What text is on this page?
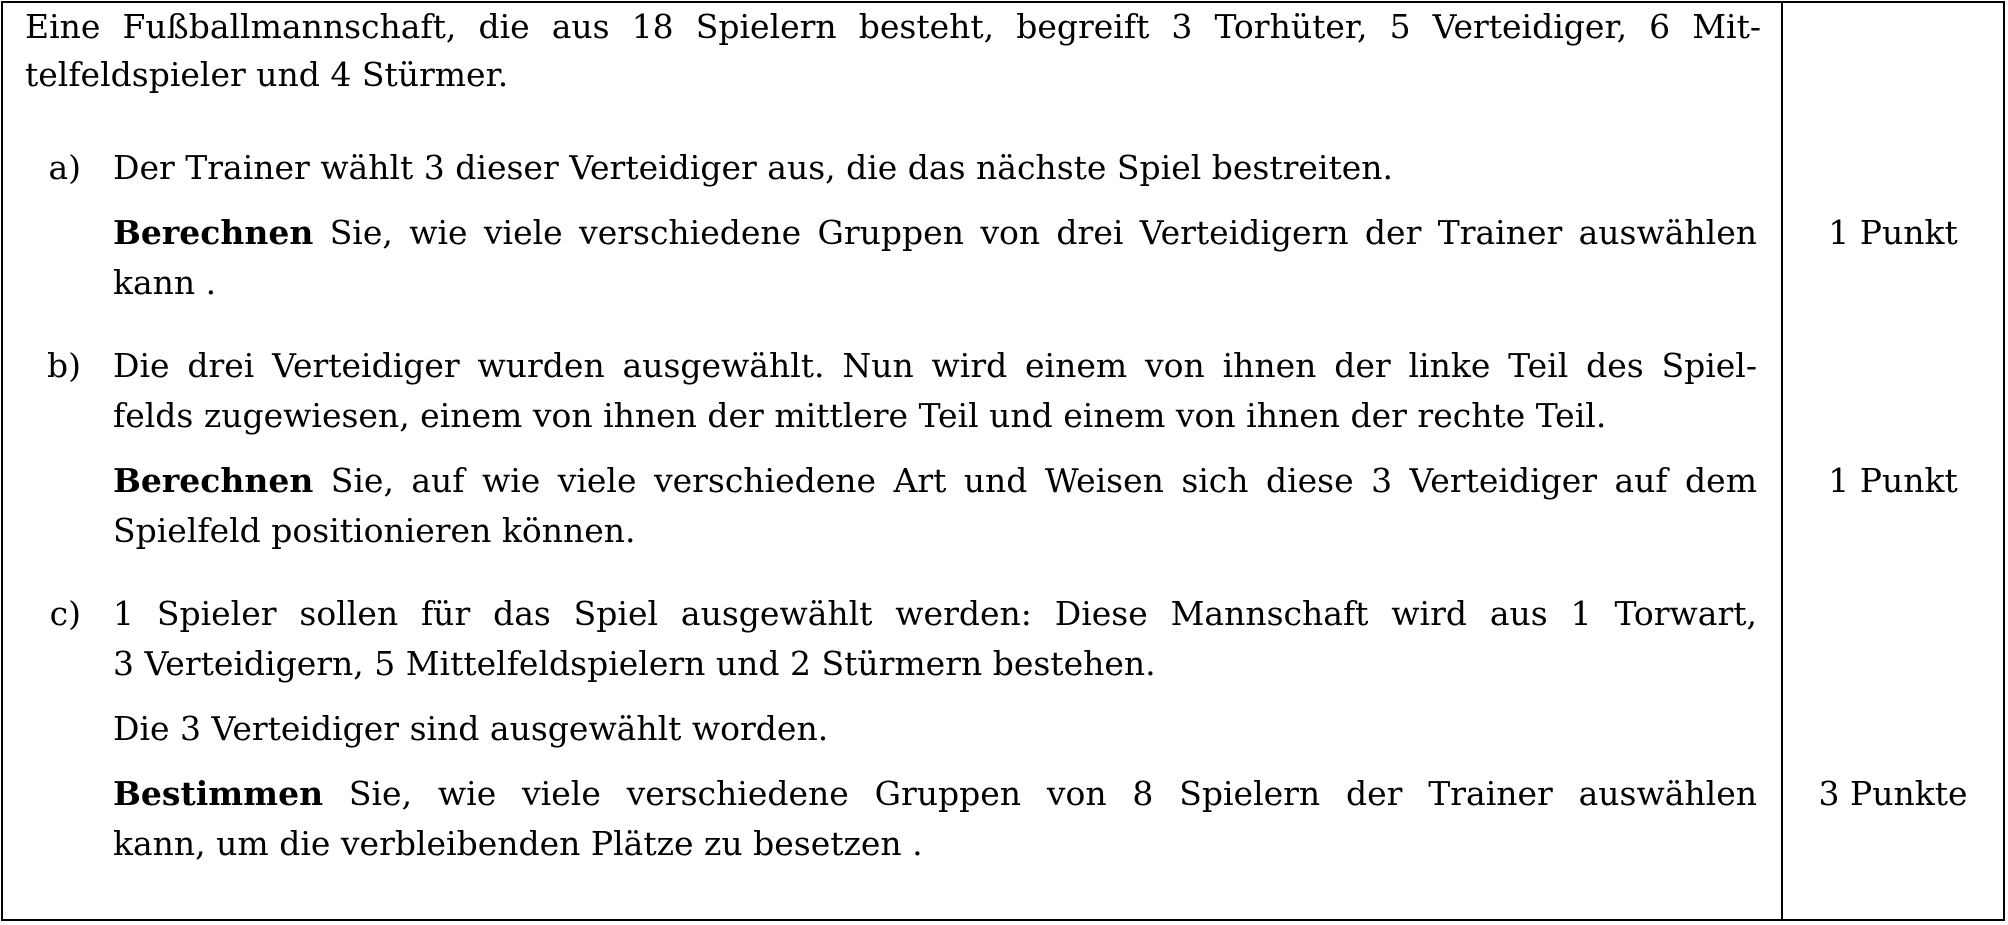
Eine Fußballmannschaft, die aus 18 Spielern besteht, begreift 3 Torhüter, 5 Verteidiger, 6 Mit-
telfeldspieler und 4 Stürmer.
a) Der Trainer wählt 3 dieser Verteidiger aus, die das nächste Spiel bestreiten.
Berechnen Sie, wie viele verschiedene Gruppen von drei Verteidigern der Trainer auswählen
kann .
b) Die drei Verteidiger wurden ausgewählt. Nun wird einem von ihnen der linke Teil des Spiel-
felds zugewiesen, einem von ihnen der mittlere Teil und einem von ihnen der rechte Teil.
Berechnen Sie, auf wie viele verschiedene Art und Weisen sich diese 3 Verteidiger auf dem
Spielfeld positionieren können.
c) 1 Spieler sollen für das Spiel ausgewählt werden: Diese Mannschaft wird aus 1 Torwart,
3 Verteidigern, 5 Mittelfeldspielern und 2 Stürmern bestehen.
Die 3 Verteidiger sind ausgewählt worden.
Bestimmen Sie, wie viele verschiedene Gruppen von 8 Spielern der Trainer auswählen
kann, um die verbleibenden Plätze zu besetzen .
1 Punkt
1 Punkt
3 Punkte
